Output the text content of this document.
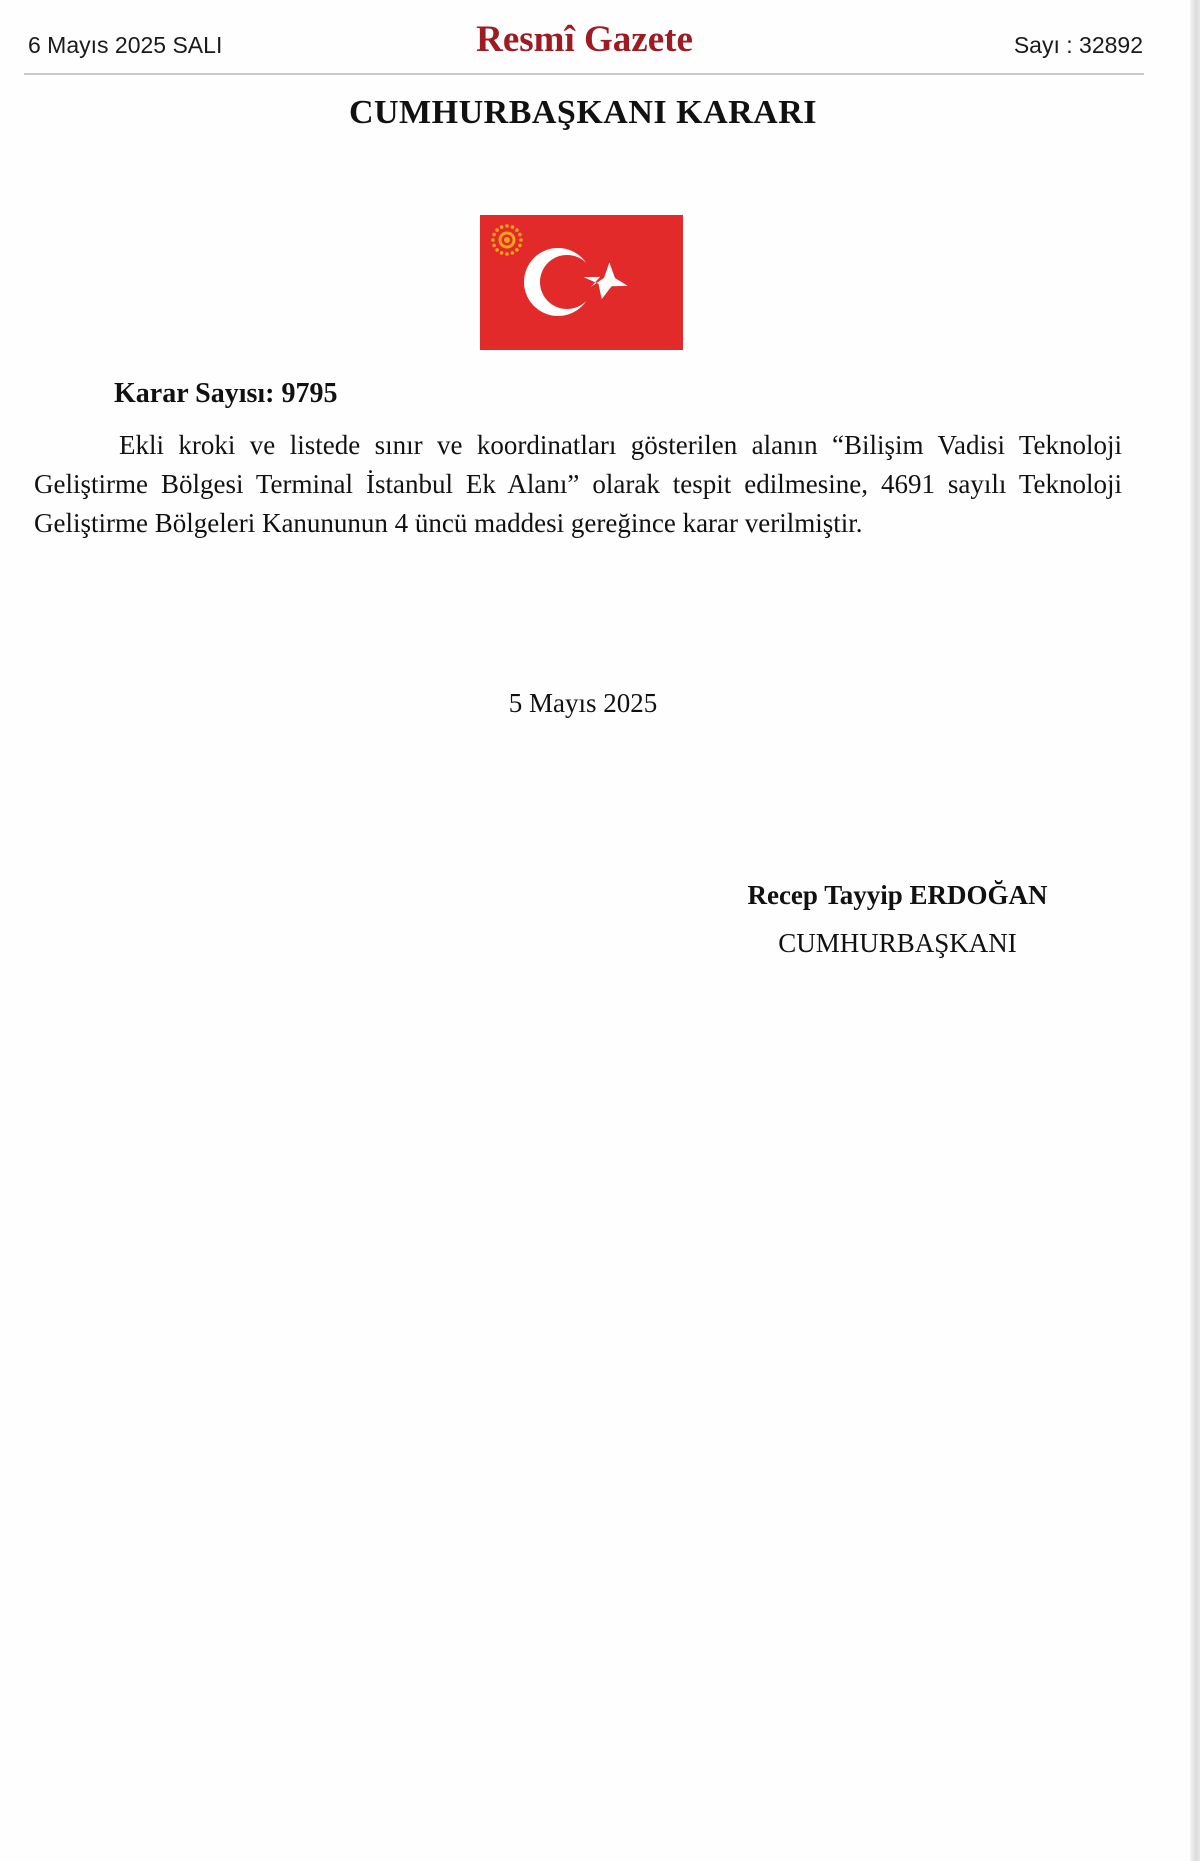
6 Mayıs 2025 SALI	Resmî Gazete	Sayı : 32892
CUMHURBAŞKANI KARARI
Karar Sayısı: 9795
Ekli kroki ve listede sınır ve koordinatları gösterilen alanın “Bilişim Vadisi Teknoloji Geliştirme Bölgesi Terminal İstanbul Ek Alanı” olarak tespit edilmesine, 4691 sayılı Teknoloji Geliştirme Bölgeleri Kanununun 4 üncü maddesi gereğince karar verilmiştir.
5 Mayıs 2025
Recep Tayyip ERDOĞAN
CUMHURBAŞKANI
